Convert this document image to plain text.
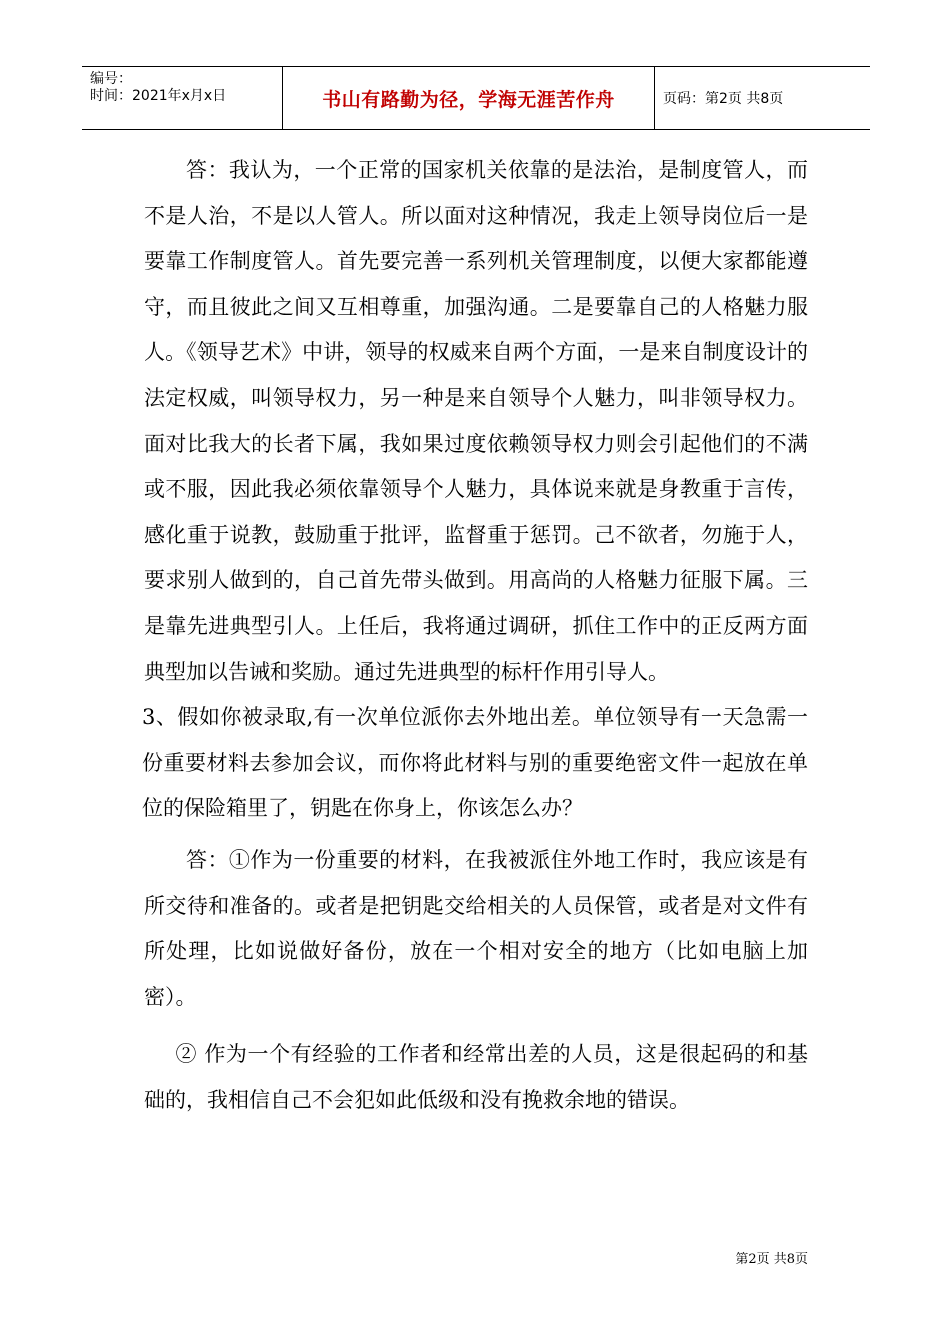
编号：
时间：2021年x月x日	书山有路勤为径，学海无涯苦作舟	页码：第2页 共8页

答：我认为，一个正常的国家机关依靠的是法治，是制度管人，而不是人治，不是以人管人。所以面对这种情况，我走上领导岗位后一是要靠工作制度管人。首先要完善一系列机关管理制度，以便大家都能遵守，而且彼此之间又互相尊重，加强沟通。二是要靠自己的人格魅力服人。《领导艺术》中讲，领导的权威来自两个方面，一是来自制度设计的法定权威，叫领导权力，另一种是来自领导个人魅力，叫非领导权力。面对比我大的长者下属，我如果过度依赖领导权力则会引起他们的不满或不服，因此我必须依靠领导个人魅力，具体说来就是身教重于言传，感化重于说教，鼓励重于批评，监督重于惩罚。己不欲者，勿施于人，要求别人做到的，自己首先带头做到。用高尚的人格魅力征服下属。三是靠先进典型引人。上任后，我将通过调研，抓住工作中的正反两方面典型加以告诫和奖励。通过先进典型的标杆作用引导人。

3、假如你被录取,有一次单位派你去外地出差。单位领导有一天急需一份重要材料去参加会议，而你将此材料与别的重要绝密文件一起放在单位的保险箱里了，钥匙在你身上，你该怎么办？

答：①作为一份重要的材料，在我被派住外地工作时，我应该是有所交待和准备的。或者是把钥匙交给相关的人员保管，或者是对文件有所处理，比如说做好备份，放在一个相对安全的地方（比如电脑上加密）。

② 作为一个有经验的工作者和经常出差的人员，这是很起码的和基础的，我相信自己不会犯如此低级和没有挽救余地的错误。

第2页 共8页
